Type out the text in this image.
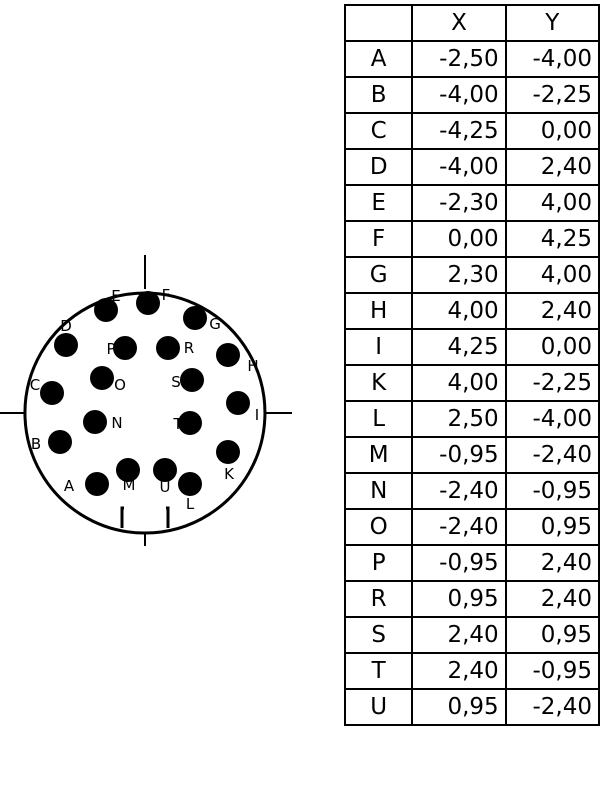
A
B
C
D
E	F
G
H
I
K
L
M
N
O
P	R
S
T
U
	X	Y
A	-2,50	-4,00
B	-4,00	-2,25
C	-4,25	0,00
D	-4,00	2,40
E	-2,30	4,00
F	0,00	4,25
G	2,30	4,00
H	4,00	2,40
I	4,25	0,00
K	4,00	-2,25
L	2,50	-4,00
M	-0,95	-2,40
N	-2,40	-0,95
O	-2,40	0,95
P	-0,95	2,40
R	0,95	2,40
S	2,40	0,95
T	2,40	-0,95
U	0,95	-2,40
